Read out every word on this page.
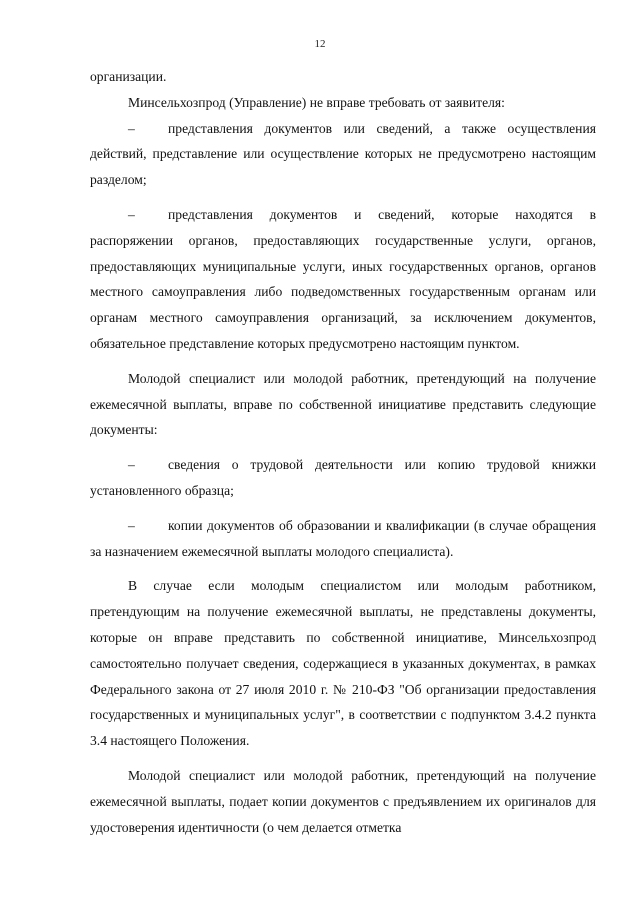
12

организации.

Минсельхозпрод (Управление) не вправе требовать от заявителя:

– представления документов или сведений, а также осуществления действий, представление или осуществление которых не предусмотрено настоящим разделом;

– представления документов и сведений, которые находятся в распоряжении органов, предоставляющих государственные услуги, органов, предоставляющих муниципальные услуги, иных государственных органов, органов местного самоуправления либо подведомственных государственным органам или органам местного самоуправления организаций, за исключением документов, обязательное представление которых предусмотрено настоящим пунктом.

Молодой специалист или молодой работник, претендующий на получение ежемесячной выплаты, вправе по собственной инициативе представить следующие документы:

– сведения о трудовой деятельности или копию трудовой книжки установленного образца;

– копии документов об образовании и квалификации (в случае обращения за назначением ежемесячной выплаты молодого специалиста).

В случае если молодым специалистом или молодым работником, претендующим на получение ежемесячной выплаты, не представлены документы, которые он вправе представить по собственной инициативе, Минсельхозпрод самостоятельно получает сведения, содержащиеся в указанных документах, в рамках Федерального закона от 27 июля 2010 г. № 210-ФЗ "Об организации предоставления государственных и муниципальных услуг", в соответствии с подпунктом 3.4.2 пункта 3.4 настоящего Положения.

Молодой специалист или молодой работник, претендующий на получение ежемесячной выплаты, подает копии документов с предъявлением их оригиналов для удостоверения идентичности (о чем делается отметка
